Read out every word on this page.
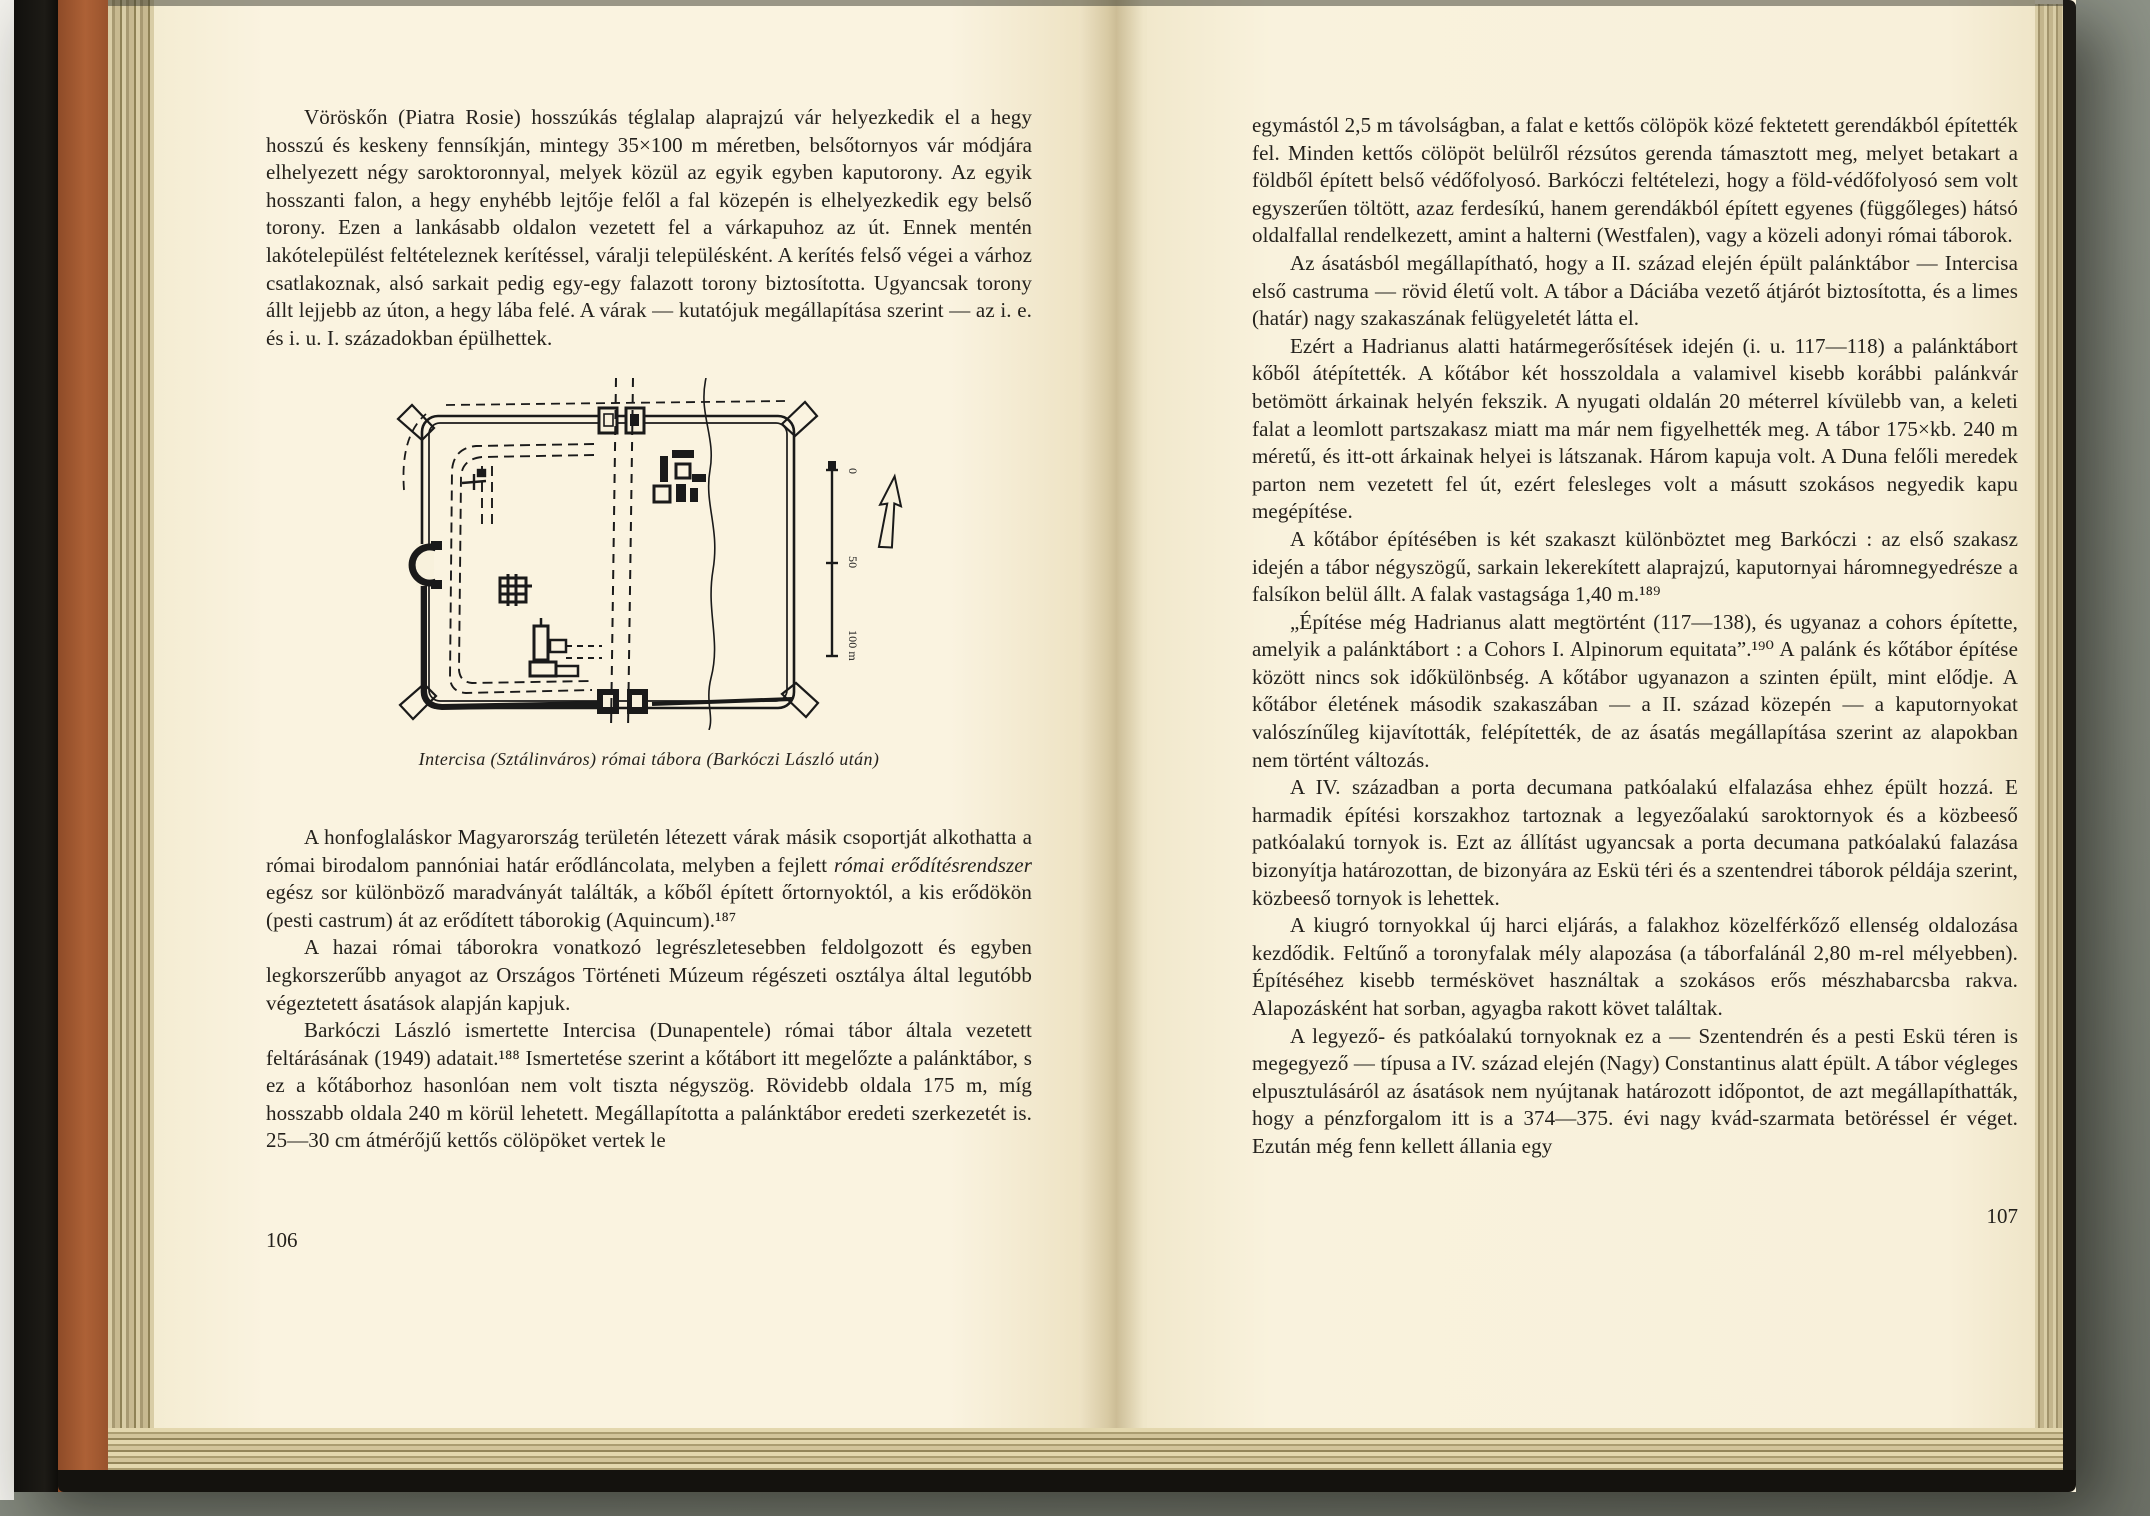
Vöröskőn (Piatra Rosie) hosszúkás téglalap alaprajzú vár helyezkedik el a hegy hosszú és keskeny fennsíkján, mintegy 35×100 m méretben, belsőtornyos vár módjára elhelyezett négy saroktoronnyal, melyek közül az egyik egyben kaputorony. Az egyik hosszanti falon, a hegy enyhébb lejtője felől a fal közepén is elhelyezkedik egy belső torony. Ezen a lankásabb oldalon vezetett fel a várkapuhoz az út. Ennek mentén lakótelepülést feltételeznek kerítéssel, váralji településként. A kerítés felső végei a várhoz csatlakoznak, alsó sarkait pedig egy-egy falazott torony biztosította. Ugyancsak torony állt lejjebb az úton, a hegy lába felé. A várak — kutatójuk megállapítása szerint — az i. e. és i. u. I. századokban épülhettek.

0
50
100 m
Intercisa (Sztálinváros) római tábora (Barkóczi László után)

A honfoglaláskor Magyarország területén létezett várak másik csoportját alkothatta a római birodalom pannóniai határ erődláncolata, melyben a fejlett római erődítésrendszer egész sor különböző maradványát találták, a kőből épített őrtornyoktól, a kis erődökön (pesti castrum) át az erődített táborokig (Aquincum).¹⁸⁷

A hazai római táborokra vonatkozó legrészletesebben feldolgozott és egyben legkorszerűbb anyagot az Országos Történeti Múzeum régészeti osztálya által legutóbb végeztetett ásatások alapján kapjuk.

Barkóczi László ismertette Intercisa (Dunapentele) római tábor általa vezetett feltárásának (1949) adatait.¹⁸⁸ Ismertetése szerint a kőtábort itt megelőzte a palánktábor, s ez a kőtáborhoz hasonlóan nem volt tiszta négyszög. Rövidebb oldala 175 m, míg hosszabb oldala 240 m körül lehetett. Megállapította a palánktábor eredeti szerkezetét is. 25—30 cm átmérőjű kettős cölöpöket vertek le

106

egymástól 2,5 m távolságban, a falat e kettős cölöpök közé fektetett gerendákból építették fel. Minden kettős cölöpöt belülről rézsútos gerenda támasztott meg, melyet betakart a földből épített belső védőfolyosó. Barkóczi feltételezi, hogy a föld-védőfolyosó sem volt egyszerűen töltött, azaz ferdesíkú, hanem gerendákból épített egyenes (függőleges) hátsó oldalfallal rendelkezett, amint a halterni (Westfalen), vagy a közeli adonyi római táborok.

Az ásatásból megállapítható, hogy a II. század elején épült palánktábor — Intercisa első castruma — rövid életű volt. A tábor a Dáciába vezető átjárót biztosította, és a limes (határ) nagy szakaszának felügyeletét látta el.

Ezért a Hadrianus alatti határmegerősítések idején (i. u. 117—118) a palánktábort kőből átépítették. A kőtábor két hosszoldala a valamivel kisebb korábbi palánkvár betömött árkainak helyén fekszik. A nyugati oldalán 20 méterrel kívülebb van, a keleti falat a leomlott partszakasz miatt ma már nem figyelhették meg. A tábor 175×kb. 240 m méretű, és itt-ott árkainak helyei is látszanak. Három kapuja volt. A Duna felőli meredek parton nem vezetett fel út, ezért felesleges volt a másutt szokásos negyedik kapu megépítése.

A kőtábor építésében is két szakaszt különböztet meg Barkóczi : az első szakasz idején a tábor négyszögű, sarkain lekerekített alaprajzú, kaputornyai háromnegyedrésze a falsíkon belül állt. A falak vastagsága 1,40 m.¹⁸⁹

„Építése még Hadrianus alatt megtörtént (117—138), és ugyanaz a cohors építette, amelyik a palánktábort : a Cohors I. Alpinorum equitata”.¹⁹⁰ A palánk és kőtábor építése között nincs sok időkülönbség. A kőtábor ugyanazon a szinten épült, mint elődje. A kőtábor életének második szakaszában — a II. század közepén — a kaputornyokat valószínűleg kijavították, felépítették, de az ásatás megállapítása szerint az alapokban nem történt változás.

A IV. században a porta decumana patkóalakú elfalazása ehhez épült hozzá. E harmadik építési korszakhoz tartoznak a legyezőalakú saroktornyok és a közbeeső patkóalakú tornyok is. Ezt az állítást ugyancsak a porta decumana patkóalakú falazása bizonyítja határozottan, de bizonyára az Eskü téri és a szentendrei táborok példája szerint, közbeeső tornyok is lehettek.

A kiugró tornyokkal új harci eljárás, a falakhoz közelférkőző ellenség oldalozása kezdődik. Feltűnő a toronyfalak mély alapozása (a táborfalánál 2,80 m-rel mélyebben). Építéséhez kisebb terméskövet használtak a szokásos erős mészhabarcsba rakva. Alapozásként hat sorban, agyagba rakott követ találtak.

A legyező- és patkóalakú tornyoknak ez a — Szentendrén és a pesti Eskü téren is megegyező — típusa a IV. század elején (Nagy) Constantinus alatt épült. A tábor végleges elpusztulásáról az ásatások nem nyújtanak határozott időpontot, de azt megállapíthatták, hogy a pénzforgalom itt is a 374—375. évi nagy kvád-szarmata betöréssel ér véget. Ezután még fenn kellett állania egy

107
